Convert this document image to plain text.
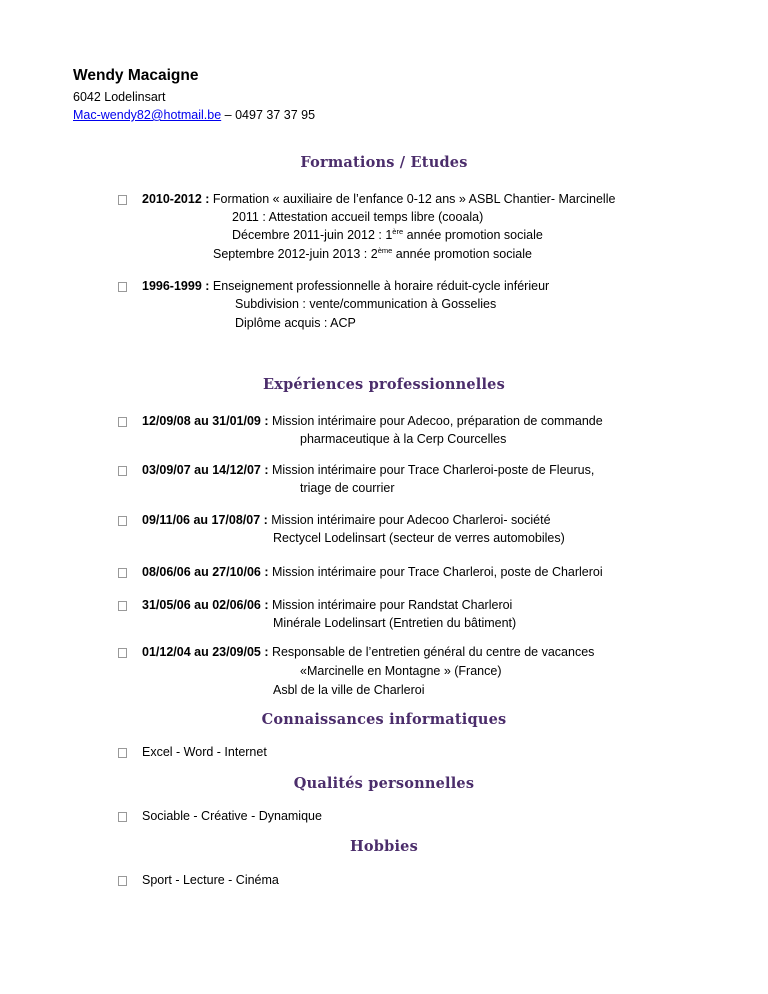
Wendy Macaigne
6042 Lodelinsart
Mac-wendy82@hotmail.be – 0497 37 37 95
Formations / Etudes
2010-2012 : Formation « auxiliaire de l’enfance 0-12 ans » ASBL Chantier- Marcinelle
2011 : Attestation accueil temps libre (cooala)
Décembre 2011-juin 2012 : 1ère année promotion sociale
Septembre 2012-juin 2013 : 2ème année promotion sociale
1996-1999 : Enseignement professionnelle à horaire réduit-cycle inférieur
Subdivision : vente/communication à Gosselies
Diplôme acquis : ACP
Expériences professionnelles
12/09/08 au 31/01/09 : Mission intérimaire pour Adecoo, préparation de commande
pharmaceutique à la Cerp Courcelles
03/09/07 au 14/12/07 : Mission intérimaire pour Trace Charleroi-poste de Fleurus,
triage de courrier
09/11/06 au 17/08/07 : Mission intérimaire pour Adecoo Charleroi- société
Rectycel Lodelinsart (secteur de verres automobiles)
08/06/06 au 27/10/06 : Mission intérimaire pour Trace Charleroi, poste de Charleroi
31/05/06 au 02/06/06 : Mission intérimaire pour Randstat Charleroi
Minérale Lodelinsart (Entretien du bâtiment)
01/12/04 au 23/09/05 : Responsable de l’entretien général du centre de vacances
«Marcinelle en Montagne » (France)
Asbl de la ville de Charleroi
Connaissances informatiques
Excel - Word - Internet
Qualités personnelles
Sociable - Créative - Dynamique
Hobbies
Sport - Lecture - Cinéma
